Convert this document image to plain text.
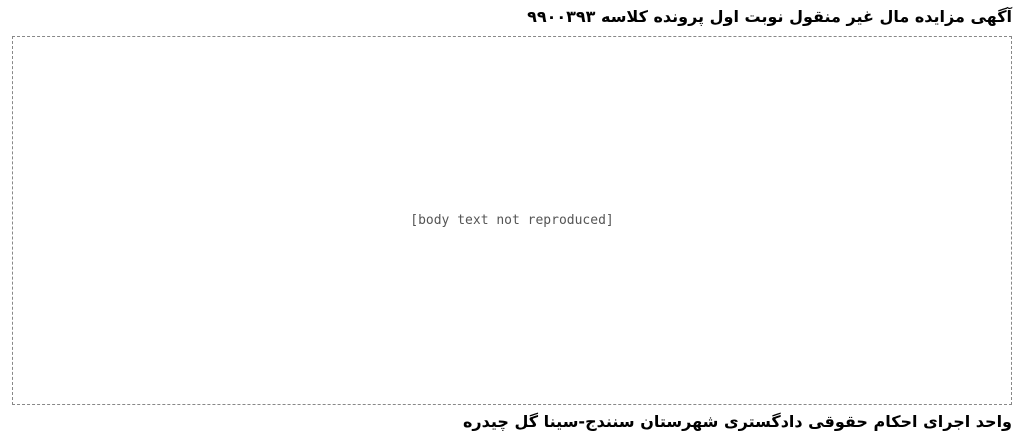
آگهی مزایده مال غیر منقول نوبت اول پرونده کلاسه ۹۹۰۰۳۹۳
[body text not reproduced]
واحد اجرای احکام حقوقی دادگستری شهرستان سنندج-سینا گل چیدره
